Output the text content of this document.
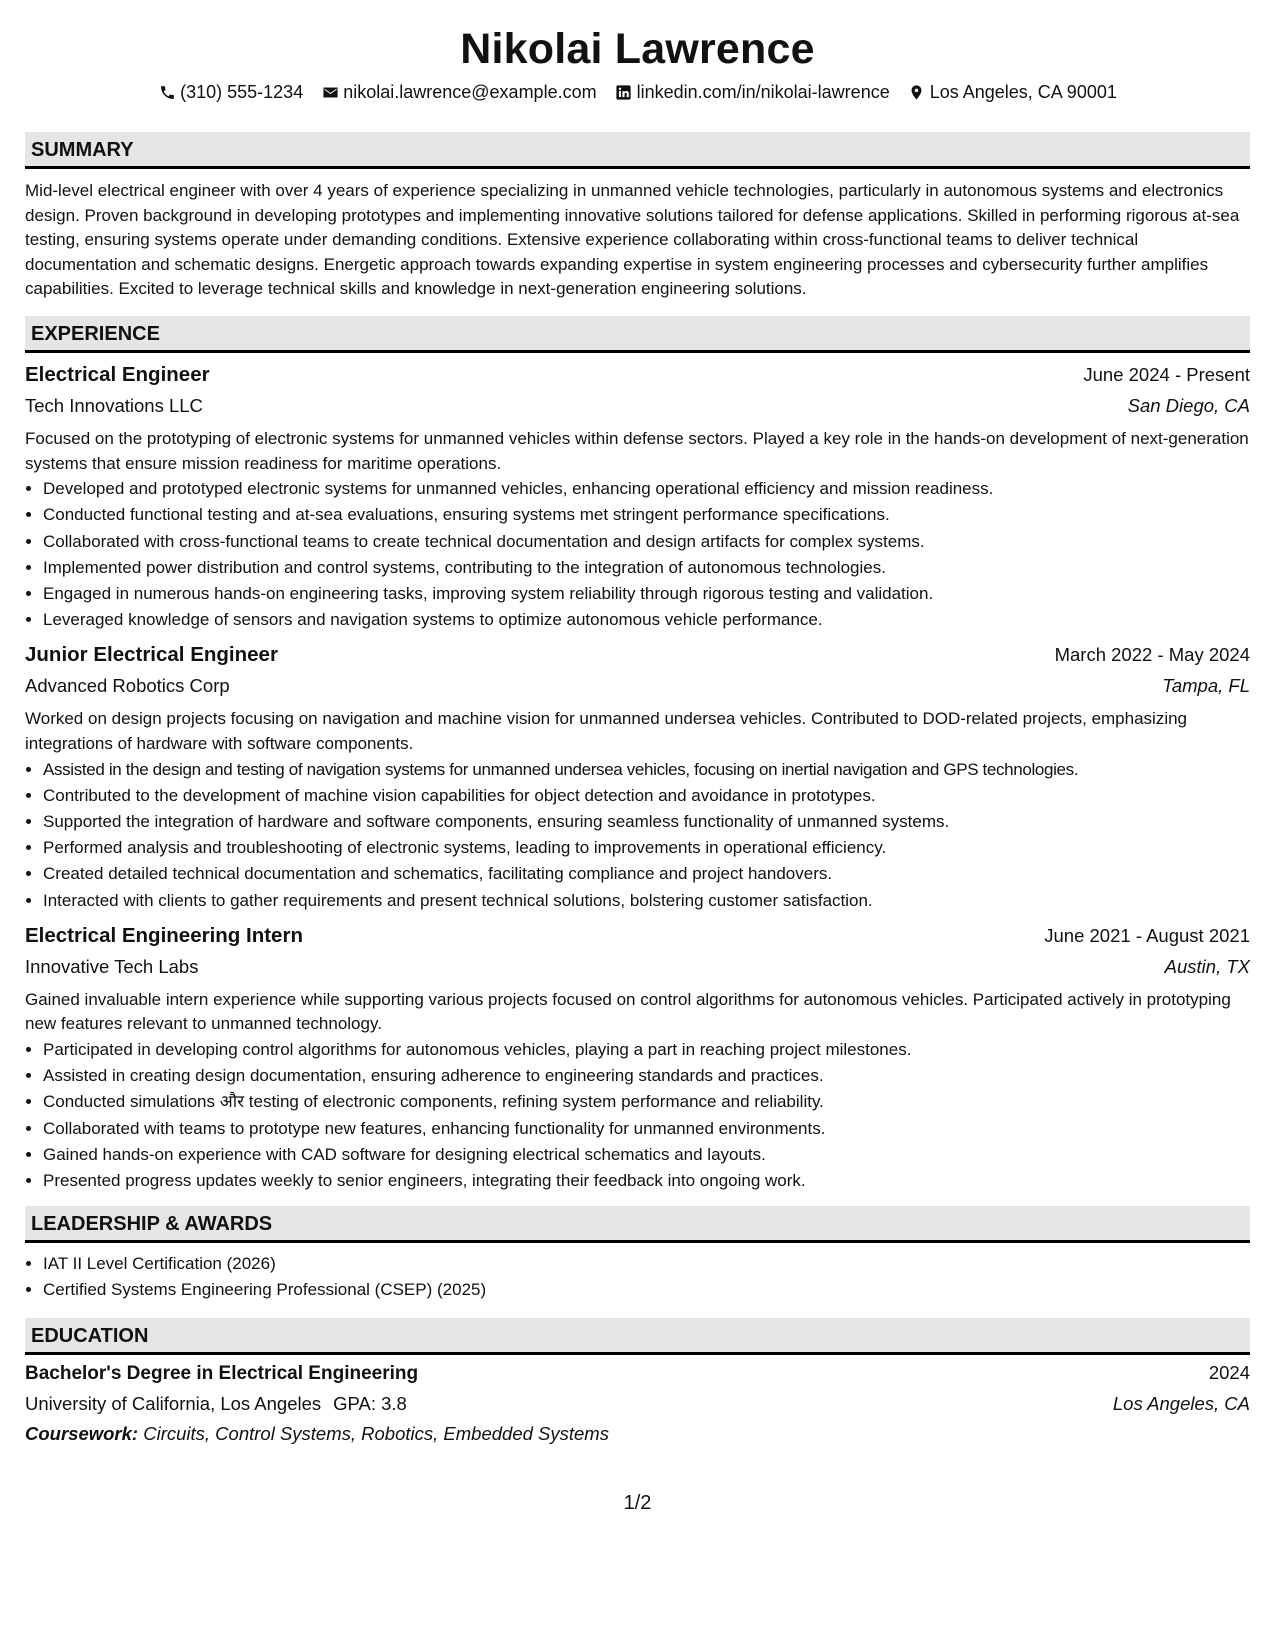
Nikolai Lawrence
(310) 555-1234 nikolai.lawrence@example.com linkedin.com/in/nikolai-lawrence Los Angeles, CA 90001
SUMMARY
Mid-level electrical engineer with over 4 years of experience specializing in unmanned vehicle technologies, particularly in autonomous systems and electronics design. Proven background in developing prototypes and implementing innovative solutions tailored for defense applications. Skilled in performing rigorous at-sea testing, ensuring systems operate under demanding conditions. Extensive experience collaborating within cross-functional teams to deliver technical documentation and schematic designs. Energetic approach towards expanding expertise in system engineering processes and cybersecurity further amplifies capabilities. Excited to leverage technical skills and knowledge in next-generation engineering solutions.
EXPERIENCE
Electrical Engineer	June 2024 - Present
Tech Innovations LLC	San Diego, CA
Focused on the prototyping of electronic systems for unmanned vehicles within defense sectors. Played a key role in the hands-on development of next-generation systems that ensure mission readiness for maritime operations.
• Developed and prototyped electronic systems for unmanned vehicles, enhancing operational efficiency and mission readiness.
• Conducted functional testing and at-sea evaluations, ensuring systems met stringent performance specifications.
• Collaborated with cross-functional teams to create technical documentation and design artifacts for complex systems.
• Implemented power distribution and control systems, contributing to the integration of autonomous technologies.
• Engaged in numerous hands-on engineering tasks, improving system reliability through rigorous testing and validation.
• Leveraged knowledge of sensors and navigation systems to optimize autonomous vehicle performance.
Junior Electrical Engineer	March 2022 - May 2024
Advanced Robotics Corp	Tampa, FL
Worked on design projects focusing on navigation and machine vision for unmanned undersea vehicles. Contributed to DOD-related projects, emphasizing integrations of hardware with software components.
• Assisted in the design and testing of navigation systems for unmanned undersea vehicles, focusing on inertial navigation and GPS technologies.
• Contributed to the development of machine vision capabilities for object detection and avoidance in prototypes.
• Supported the integration of hardware and software components, ensuring seamless functionality of unmanned systems.
• Performed analysis and troubleshooting of electronic systems, leading to improvements in operational efficiency.
• Created detailed technical documentation and schematics, facilitating compliance and project handovers.
• Interacted with clients to gather requirements and present technical solutions, bolstering customer satisfaction.
Electrical Engineering Intern	June 2021 - August 2021
Innovative Tech Labs	Austin, TX
Gained invaluable intern experience while supporting various projects focused on control algorithms for autonomous vehicles. Participated actively in prototyping new features relevant to unmanned technology.
• Participated in developing control algorithms for autonomous vehicles, playing a part in reaching project milestones.
• Assisted in creating design documentation, ensuring adherence to engineering standards and practices.
• Conducted simulations और testing of electronic components, refining system performance and reliability.
• Collaborated with teams to prototype new features, enhancing functionality for unmanned environments.
• Gained hands-on experience with CAD software for designing electrical schematics and layouts.
• Presented progress updates weekly to senior engineers, integrating their feedback into ongoing work.
LEADERSHIP & AWARDS
• IAT II Level Certification (2026)
• Certified Systems Engineering Professional (CSEP) (2025)
EDUCATION
Bachelor's Degree in Electrical Engineering	2024
University of California, Los Angeles GPA: 3.8	Los Angeles, CA
Coursework: Circuits, Control Systems, Robotics, Embedded Systems
1/2
